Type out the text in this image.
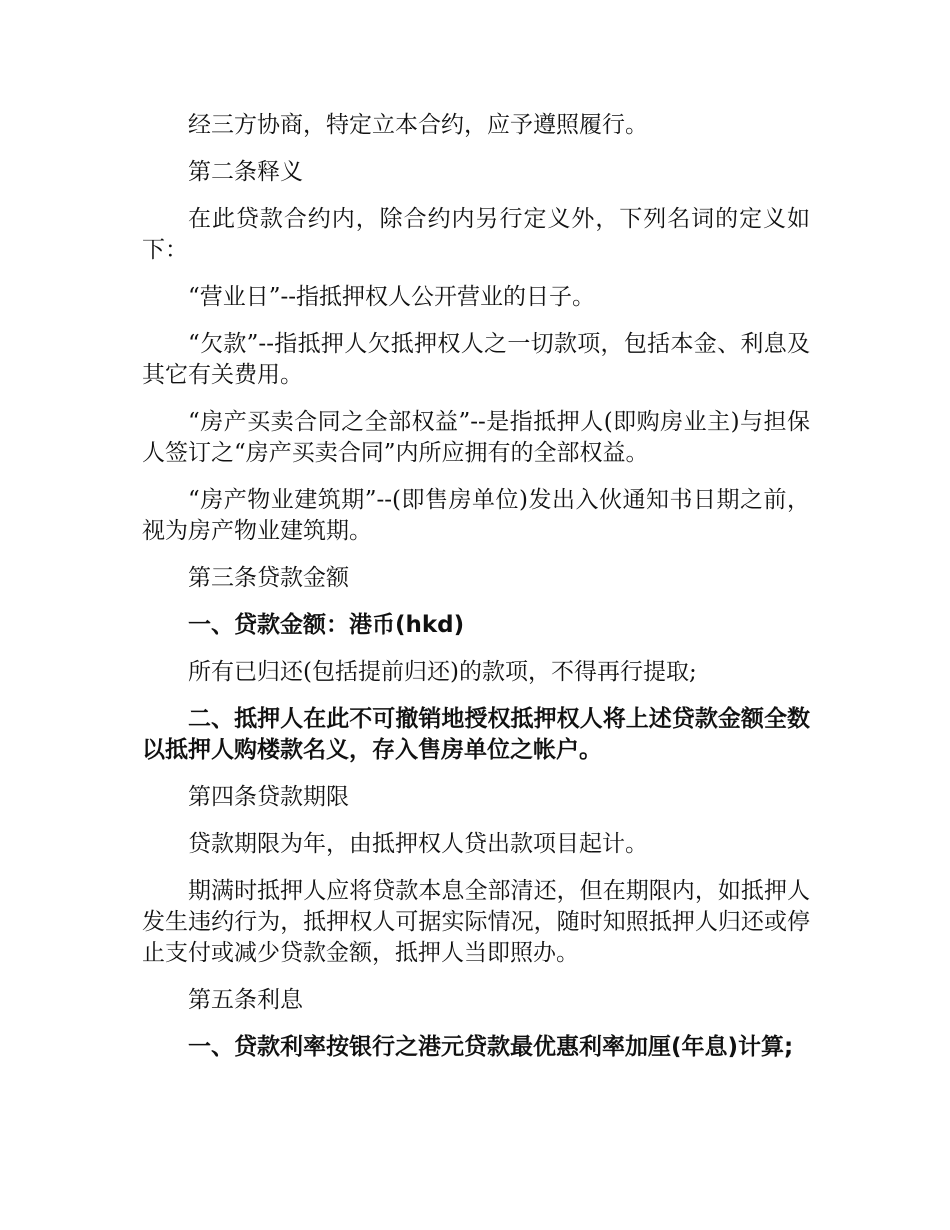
经三方协商，特定立本合约，应予遵照履行。

第二条释义

在此贷款合约内，除合约内另行定义外，下列名词的定义如下：

“营业日”--指抵押权人公开营业的日子。

“欠款”--指抵押人欠抵押权人之一切款项，包括本金、利息及其它有关费用。

“房产买卖合同之全部权益”--是指抵押人(即购房业主)与担保人签订之“房产买卖合同”内所应拥有的全部权益。

“房产物业建筑期”--(即售房单位)发出入伙通知书日期之前，视为房产物业建筑期。

第三条贷款金额

一、贷款金额：港币(hkd)

所有已归还(包括提前归还)的款项，不得再行提取;

二、抵押人在此不可撤销地授权抵押权人将上述贷款金额全数以抵押人购楼款名义，存入售房单位之帐户。

第四条贷款期限

贷款期限为年，由抵押权人贷出款项目起计。

期满时抵押人应将贷款本息全部清还，但在期限内，如抵押人发生违约行为，抵押权人可据实际情况，随时知照抵押人归还或停止支付或减少贷款金额，抵押人当即照办。

第五条利息

一、贷款利率按银行之港元贷款最优惠利率加厘(年息)计算;
